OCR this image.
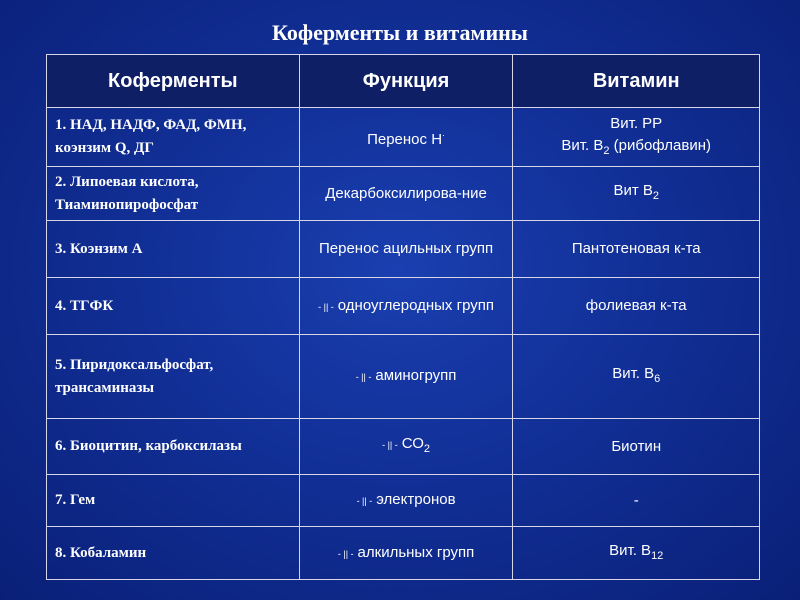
Коферменты и витамины
Коферменты	Функция	Витамин
1. НАД, НАДФ, ФАД, ФМН, коэнзим Q, ДГ	Перенос Н·	Вит. РР
Вит. $В_2$ (рибофлавин)

2. Липоевая кислота, Тиаминопирофосфат	Декарбоксилирова-ние	Вит $В_2$
3. Коэнзим А	Перенос ацильных групп	Пантотеновая к-та
4. ТГФК	- || - одноуглеродных групп	фолиевая к-та
5. Пиридоксальфосфат, трансаминазы	- || - аминогрупп	Вит. $В_6$
6. Биоцитин, карбоксилазы	- || - $СО_2$	Биотин
7. Гем	- || - электронов	-
8. Кобаламин	- || - алкильных групп	Вит. $В_{12}$
